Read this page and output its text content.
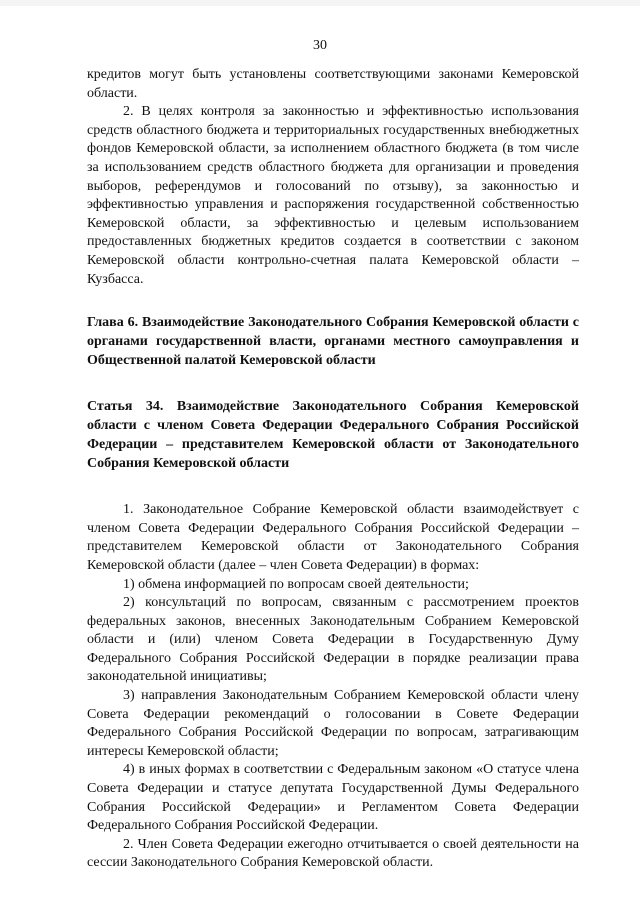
30

кредитов могут быть установлены соответствующими законами Кемеровской области.

2. В целях контроля за законностью и эффективностью использования средств областного бюджета и территориальных государственных внебюджетных фондов Кемеровской области, за исполнением областного бюджета (в том числе за использованием средств областного бюджета для организации и проведения выборов, референдумов и голосований по отзыву), за законностью и эффективностью управления и распоряжения государственной собственностью Кемеровской области, за эффективностью и целевым использованием предоставленных бюджетных кредитов создается в соответствии с законом Кемеровской области контрольно-счетная палата Кемеровской области – Кузбасса.

Глава 6. Взаимодействие Законодательного Собрания Кемеровской области с органами государственной власти, органами местного самоуправления и Общественной палатой Кемеровской области

Статья 34. Взаимодействие Законодательного Собрания Кемеровской области с членом Совета Федерации Федерального Собрания Российской Федерации – представителем Кемеровской области от Законодательного Собрания Кемеровской области

1. Законодательное Собрание Кемеровской области взаимодействует с членом Совета Федерации Федерального Собрания Российской Федерации – представителем Кемеровской области от Законодательного Собрания Кемеровской области (далее – член Совета Федерации) в формах:

1) обмена информацией по вопросам своей деятельности;

2) консультаций по вопросам, связанным с рассмотрением проектов федеральных законов, внесенных Законодательным Собранием Кемеровской области и (или) членом Совета Федерации в Государственную Думу Федерального Собрания Российской Федерации в порядке реализации права законодательной инициативы;

3) направления Законодательным Собранием Кемеровской области члену Совета Федерации рекомендаций о голосовании в Совете Федерации Федерального Собрания Российской Федерации по вопросам, затрагивающим интересы Кемеровской области;

4) в иных формах в соответствии с Федеральным законом «О статусе члена Совета Федерации и статусе депутата Государственной Думы Федерального Собрания Российской Федерации» и Регламентом Совета Федерации Федерального Собрания Российской Федерации.

2. Член Совета Федерации ежегодно отчитывается о своей деятельности на сессии Законодательного Собрания Кемеровской области.
